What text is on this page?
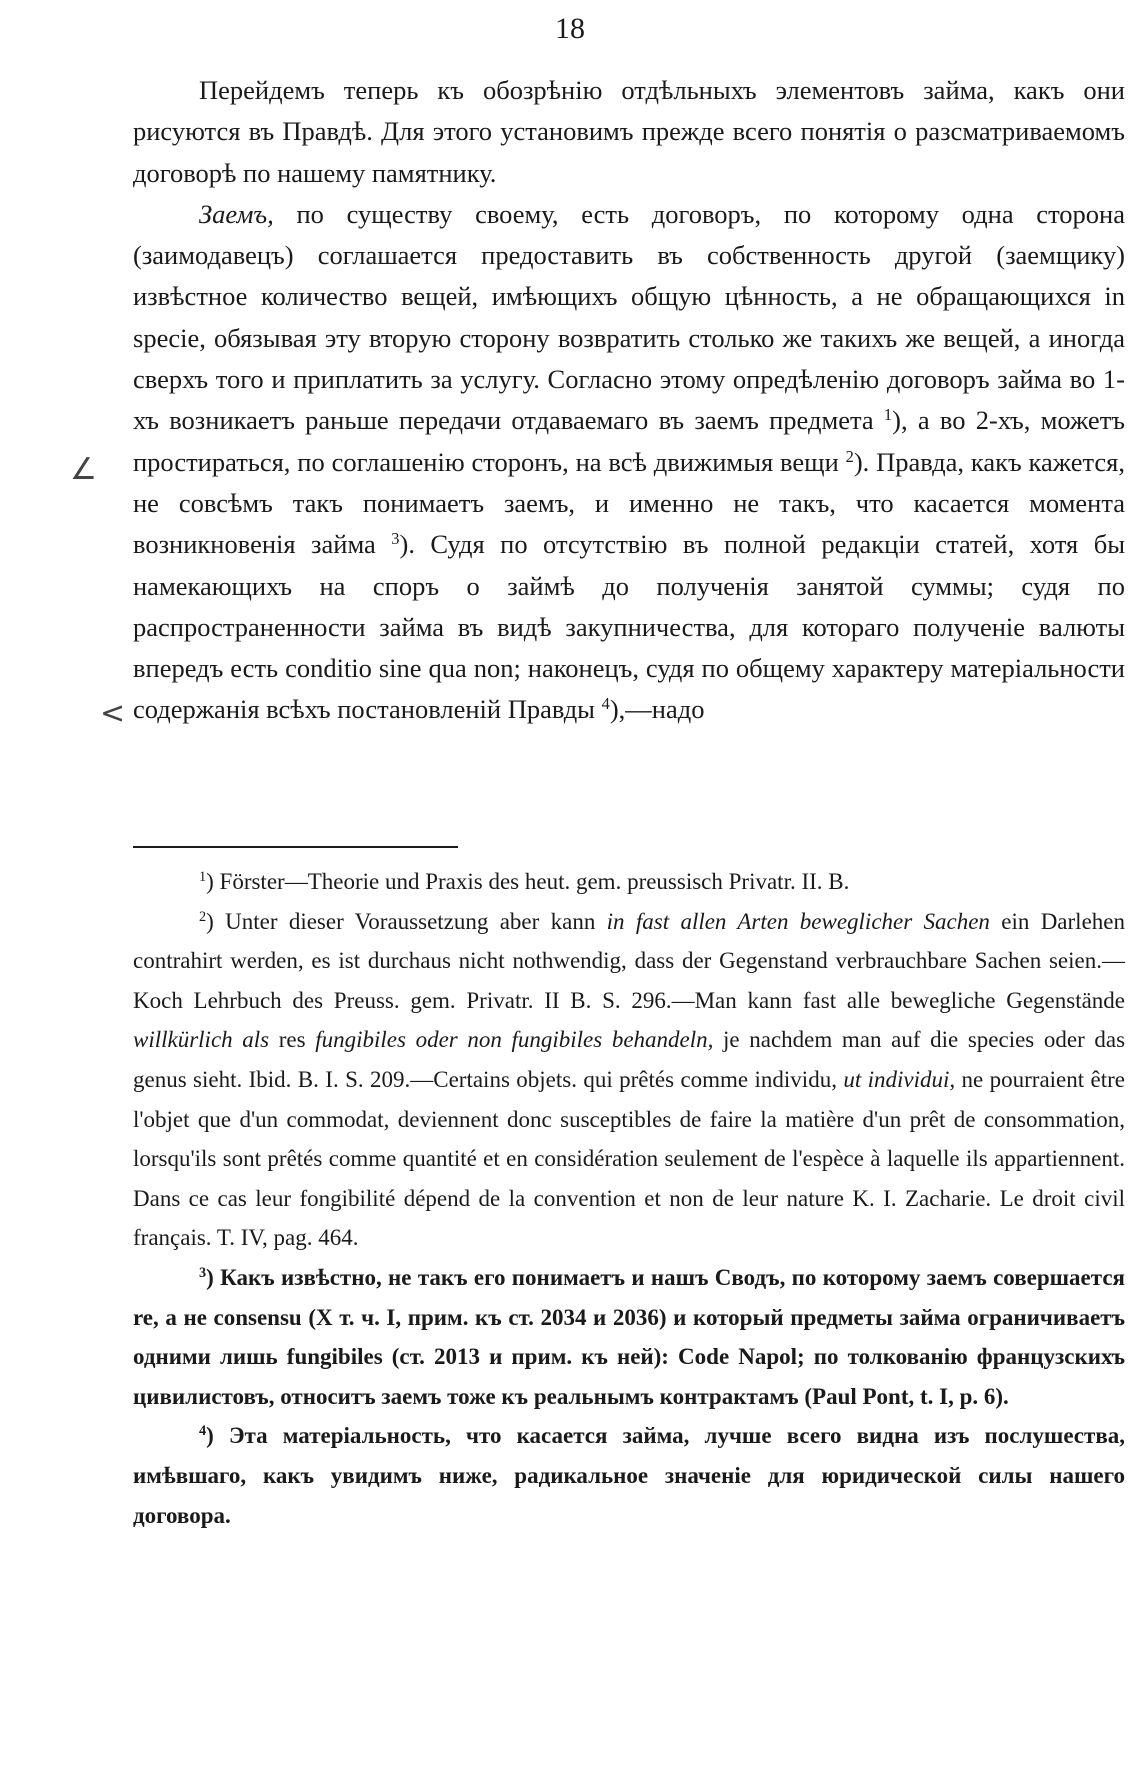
18

Перейдемъ теперь къ обозрѣнію отдѣльныхъ элементовъ займа, какъ они рисуются въ Правдѣ. Для этого установимъ прежде всего понятія о разсматриваемомъ договорѣ по нашему памятнику.

Заемъ, по существу своему, есть договоръ, по которому одна сторона (заимодавецъ) соглашается предоставить въ собственность другой (заемщику) извѣстное количество вещей, имѣющихъ общую цѣнность, а не обращающихся in specie, обязывая эту вторую сторону возвратить столько же такихъ же вещей, а иногда сверхъ того и приплатить за услугу. Согласно этому опредѣленію договоръ займа во 1-хъ возникаетъ раньше передачи отдаваемаго въ заемъ предмета $^1$), а во 2-хъ, можетъ простираться, по соглашенію сторонъ, на всѣ движимыя вещи $^2$). Правда, какъ кажется, не совсѣмъ такъ понимаетъ заемъ, и именно не такъ, что касается момента возникновенія займа $^3$). Судя по отсутствію въ полной редакціи статей, хотя бы намекающихъ на споръ о займѣ до полученія занятой суммы; судя по распространенности займа въ видѣ закупничества, для котораго полученіе валюты впередъ есть conditio sine qua non; наконецъ, судя по общему характеру матеріальности содержанія всѣхъ постановленій Правды $^4$),—надо

∠
<

$^1$) Förster—Theorie und Praxis des heut. gem. preussisch Privatr. II. B.

$^2$) Unter dieser Voraussetzung aber kann in fast allen Arten beweglicher Sachen ein Darlehen contrahirt werden, es ist durchaus nicht nothwendig, dass der Gegenstand verbrauchbare Sachen seien.—Koch Lehrbuch des Preuss. gem. Privatr. II B. S. 296.—Man kann fast alle bewegliche Gegenstände willkürlich als res fungibiles oder non fungibiles behandeln, je nachdem man auf die species oder das genus sieht. Ibid. B. I. S. 209.—Certains objets. qui prêtés comme individu, ut individui, ne pourraient être l'objet que d'un commodat, deviennent donc susceptibles de faire la matière d'un prêt de consommation, lorsqu'ils sont prêtés comme quantité et en considération seulement de l'espèce à laquelle ils appartiennent. Dans ce cas leur fongibilité dépend de la convention et non de leur nature K. I. Zacharie. Le droit civil français. T. IV, pag. 464.

$^3$) Какъ извѣстно, не такъ его понимаетъ и нашъ Сводъ, по которому заемъ совершается re, а не consensu (X т. ч. I, прим. къ ст. 2034 и 2036) и который предметы займа ограничиваетъ одними лишь fungibiles (ст. 2013 и прим. къ ней): Code Napol; по толкованію французскихъ цивилистовъ, относитъ заемъ тоже къ реальнымъ контрактамъ (Paul Pont, t. I, p. 6).

$^4$) Эта матеріальность, что касается займа, лучше всего видна изъ послушества, имѣвшаго, какъ увидимъ ниже, радикальное значеніе для юридической силы нашего договора.
